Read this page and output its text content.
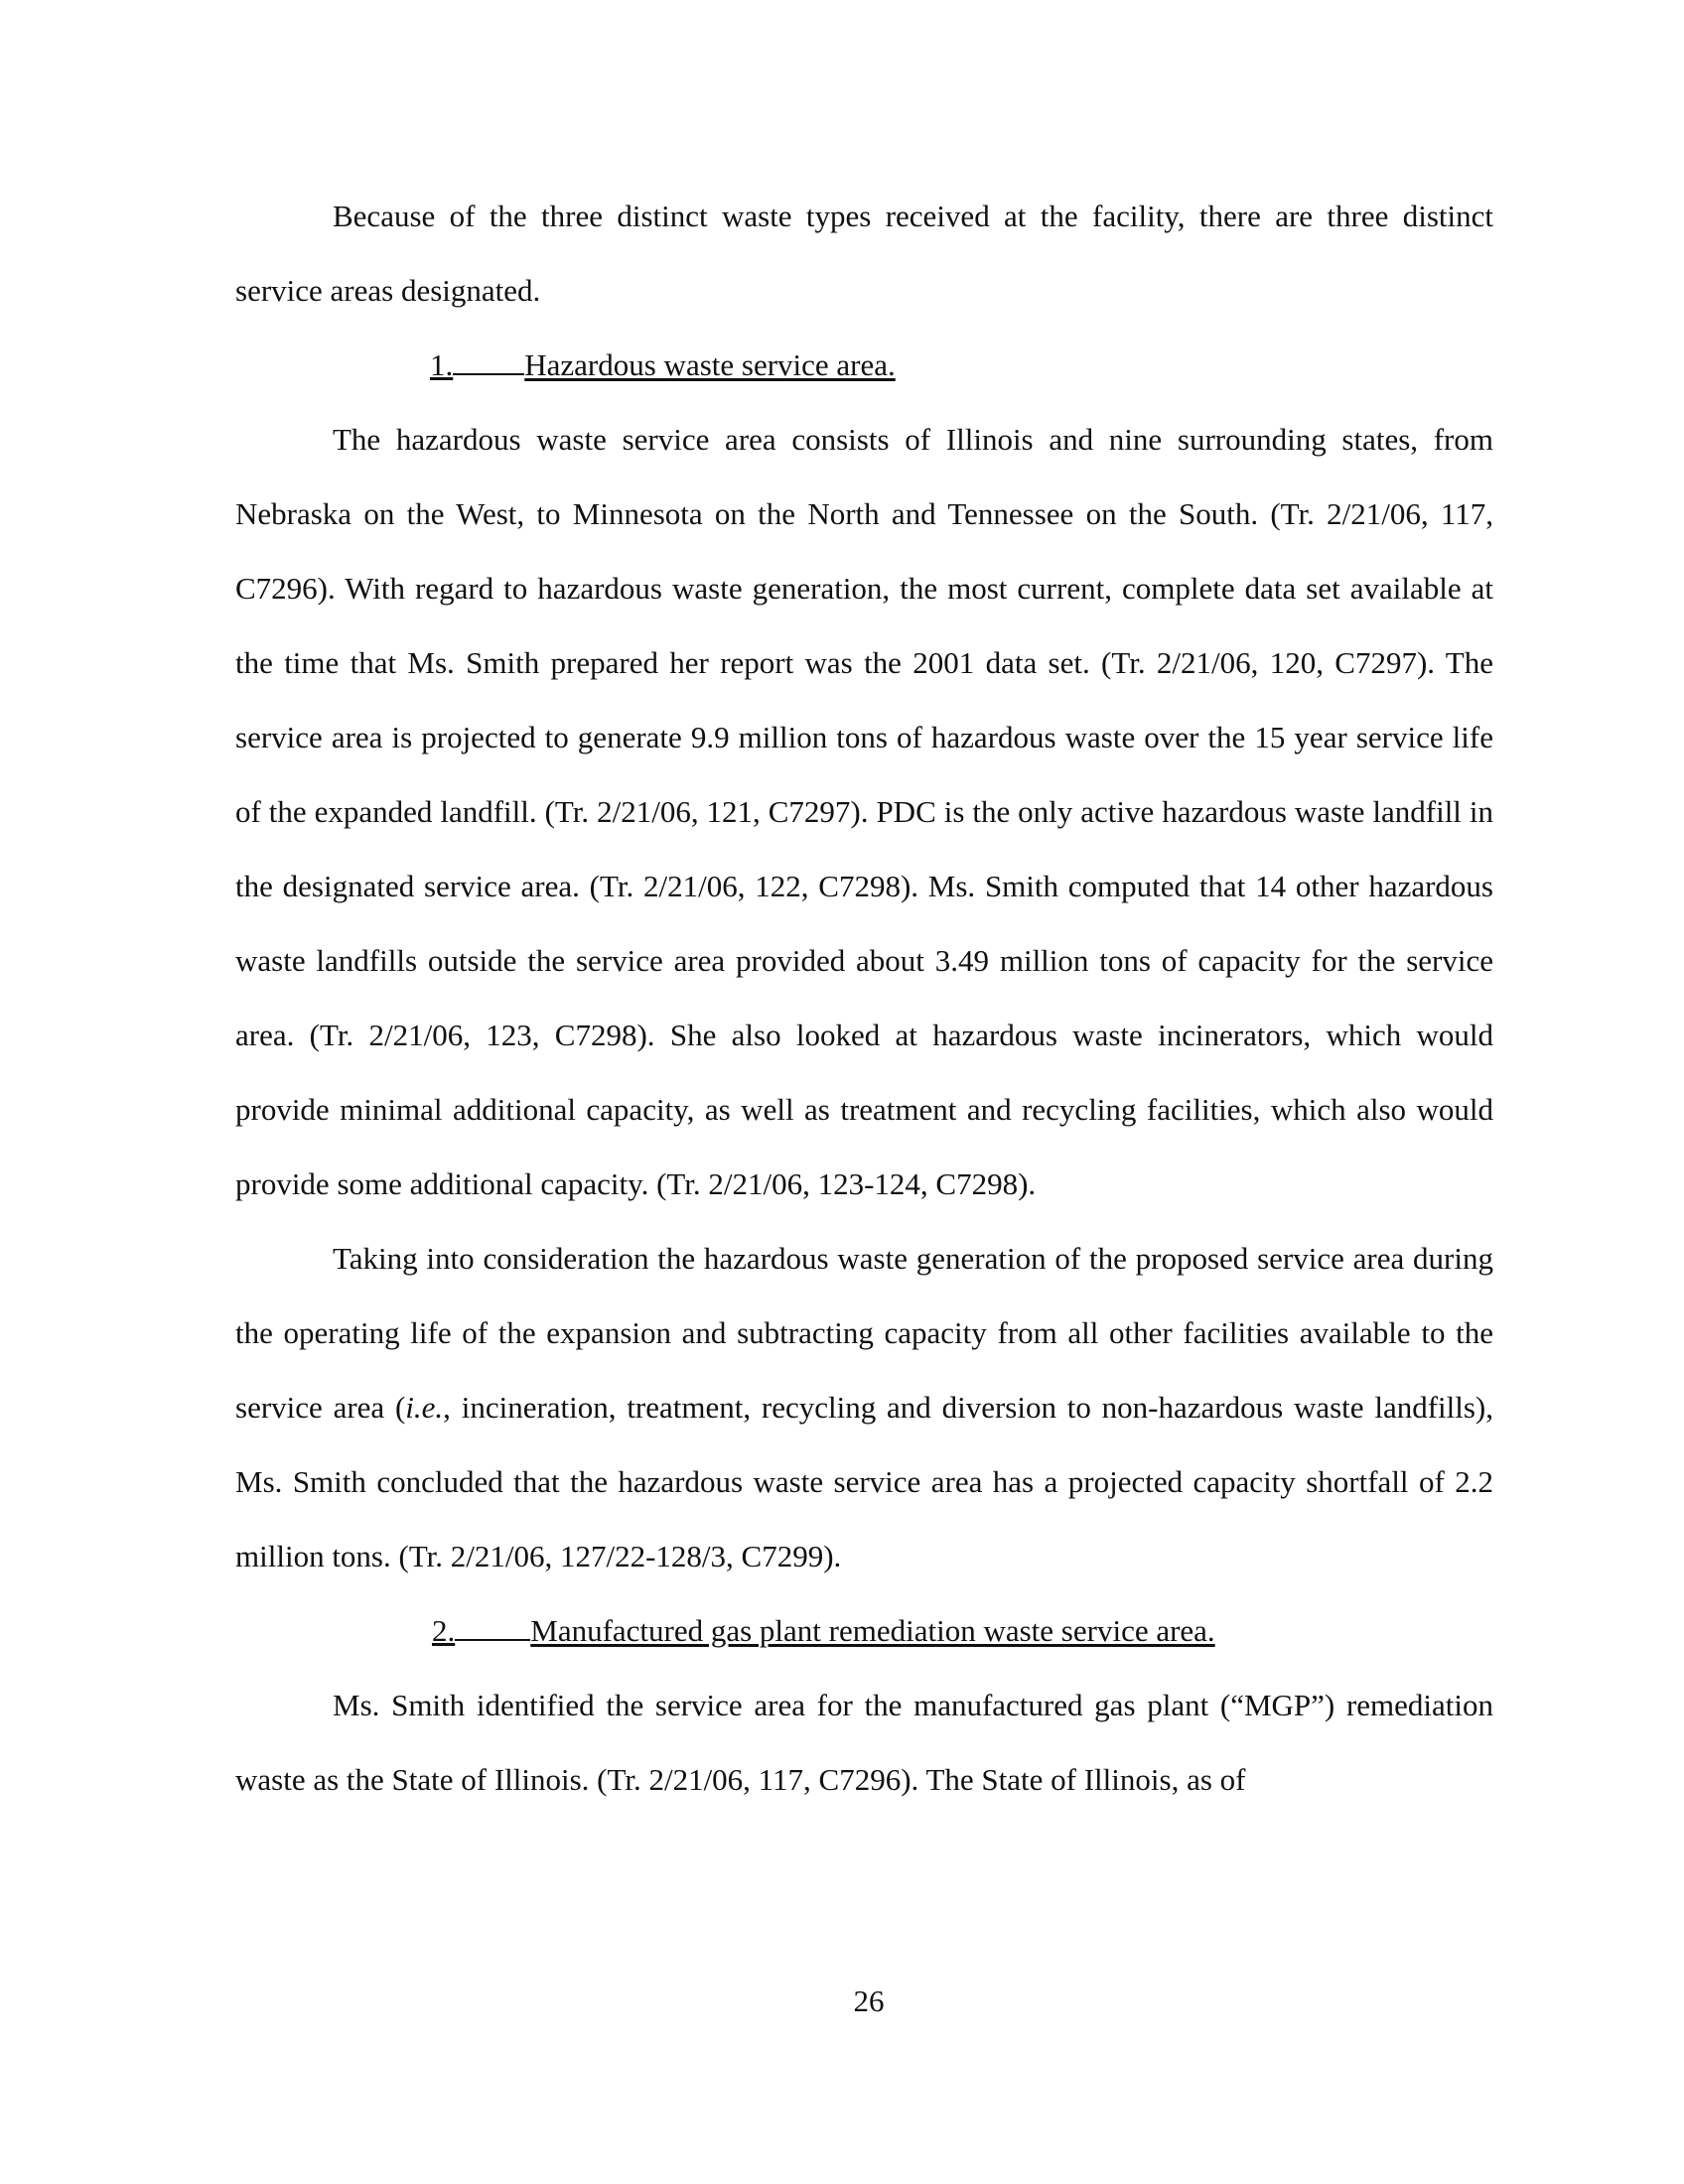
Because of the three distinct waste types received at the facility, there are three distinct service areas designated.

1. Hazardous waste service area.

The hazardous waste service area consists of Illinois and nine surrounding states, from Nebraska on the West, to Minnesota on the North and Tennessee on the South. (Tr. 2/21/06, 117, C7296). With regard to hazardous waste generation, the most current, complete data set available at the time that Ms. Smith prepared her report was the 2001 data set. (Tr. 2/21/06, 120, C7297). The service area is projected to generate 9.9 million tons of hazardous waste over the 15 year service life of the expanded landfill. (Tr. 2/21/06, 121, C7297). PDC is the only active hazardous waste landfill in the designated service area. (Tr. 2/21/06, 122, C7298). Ms. Smith computed that 14 other hazardous waste landfills outside the service area provided about 3.49 million tons of capacity for the service area. (Tr. 2/21/06, 123, C7298). She also looked at hazardous waste incinerators, which would provide minimal additional capacity, as well as treatment and recycling facilities, which also would provide some additional capacity. (Tr. 2/21/06, 123-124, C7298).

Taking into consideration the hazardous waste generation of the proposed service area during the operating life of the expansion and subtracting capacity from all other facilities available to the service area (i.e., incineration, treatment, recycling and diversion to non-hazardous waste landfills), Ms. Smith concluded that the hazardous waste service area has a projected capacity shortfall of 2.2 million tons. (Tr. 2/21/06, 127/22-128/3, C7299).

2. Manufactured gas plant remediation waste service area.

Ms. Smith identified the service area for the manufactured gas plant (“MGP”) remediation waste as the State of Illinois. (Tr. 2/21/06, 117, C7296). The State of Illinois, as of

26
